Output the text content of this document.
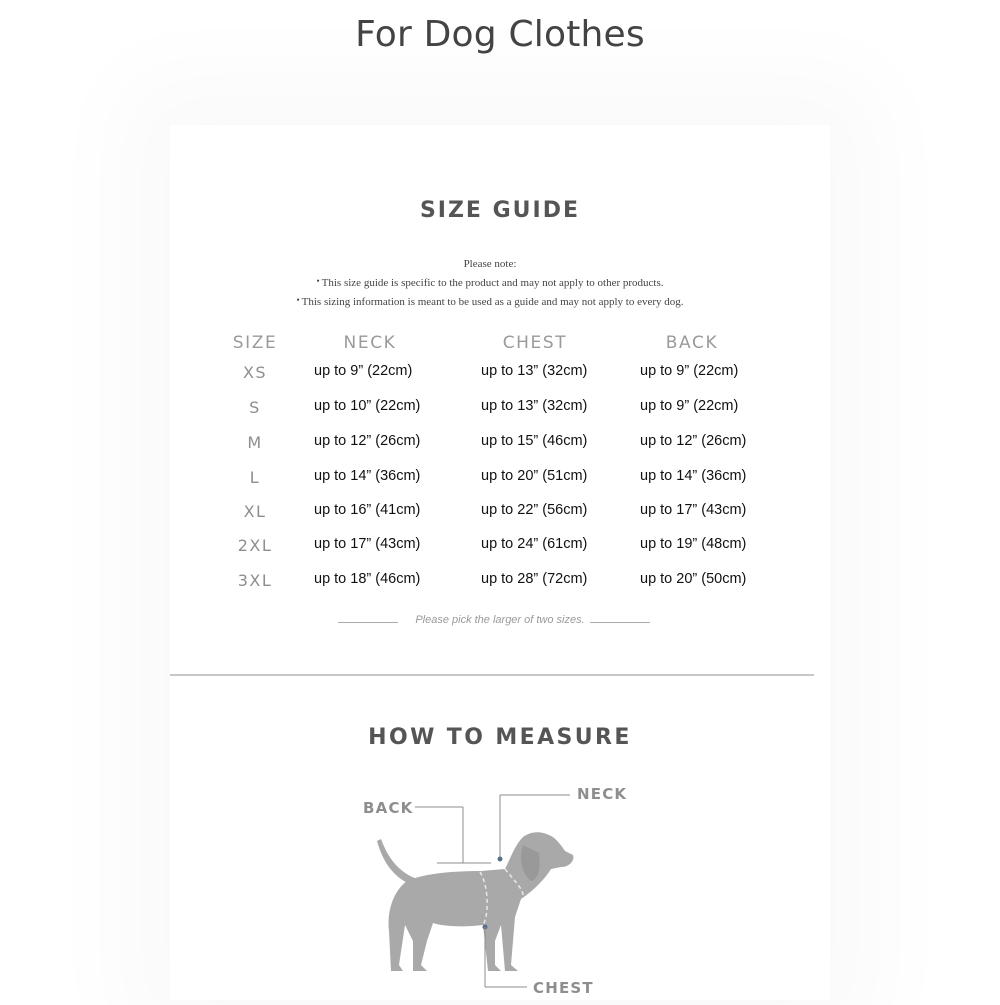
For Dog Clothes
SIZE GUIDE
Please note:
• This size guide is specific to the product and may not apply to other products.
• This sizing information is meant to be used as a guide and may not apply to every dog.
SIZE	NECK	CHEST	BACK
XS	up to 9” (22cm)	up to 13” (32cm)	up to 9” (22cm)
S	up to 10” (22cm)	up to 13” (32cm)	up to 9” (22cm)
M	up to 12” (26cm)	up to 15” (46cm)	up to 12” (26cm)
L	up to 14” (36cm)	up to 20” (51cm)	up to 14” (36cm)
XL	up to 16” (41cm)	up to 22” (56cm)	up to 17” (43cm)
2XL	up to 17” (43cm)	up to 24” (61cm)	up to 19” (48cm)
3XL	up to 18” (46cm)	up to 28” (72cm)	up to 20” (50cm)
Please pick the larger of two sizes.
HOW TO MEASURE
BACK
NECK
CHEST
